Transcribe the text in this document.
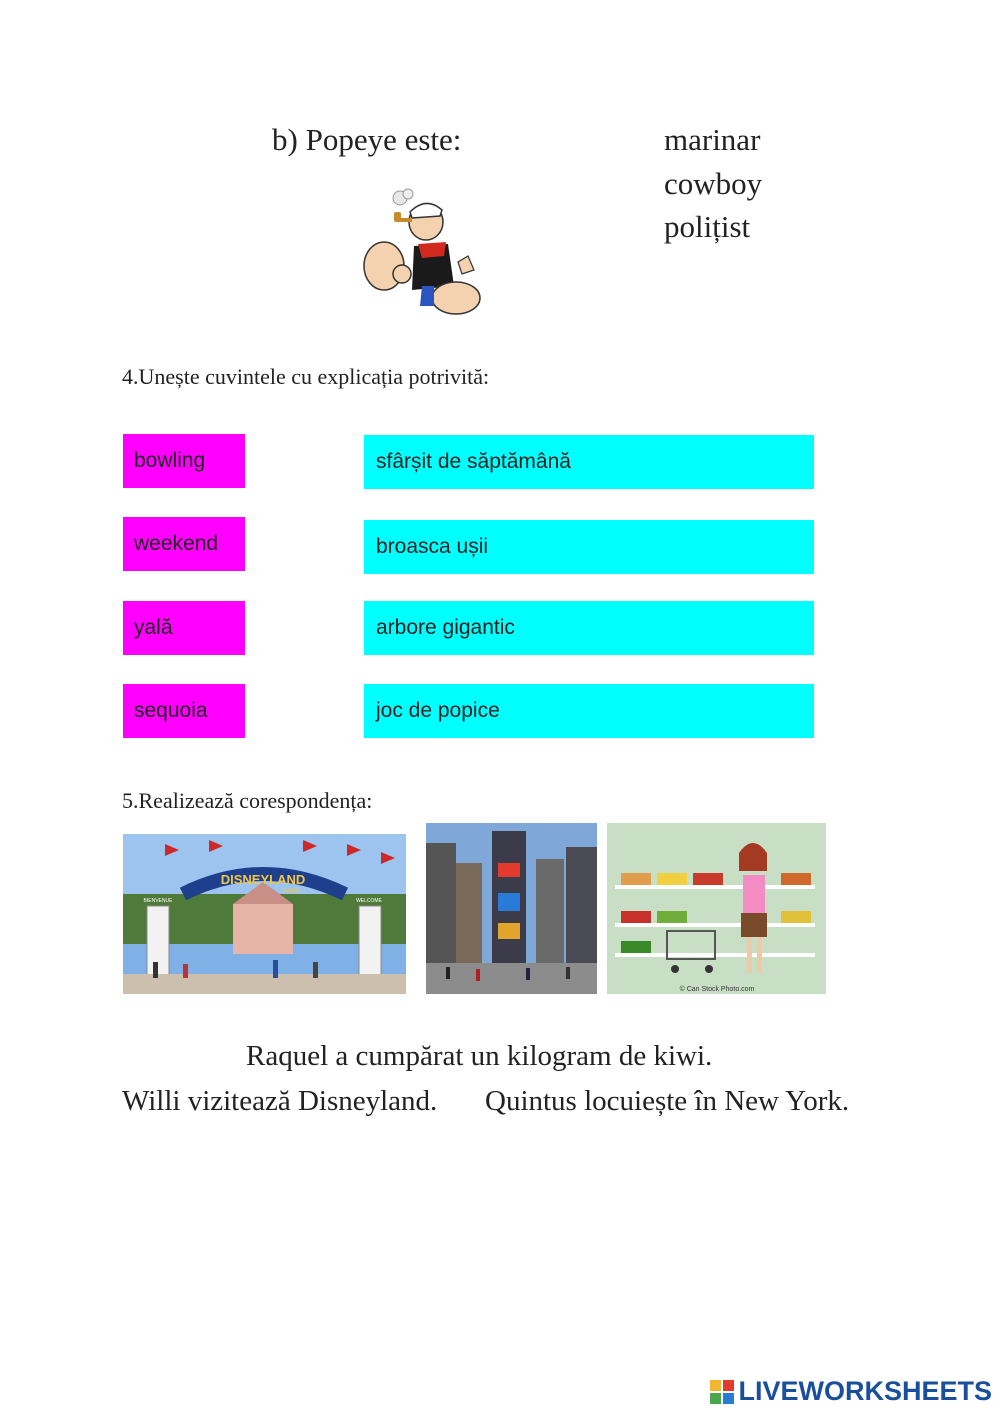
b) Popeye este:	marinar
cowboy
polițist
4.Unește cuvintele cu explicația potrivită:
bowling
weekend
yală
sequoia
sfârșit de săptămână
broasca ușii
arbore gigantic
joc de popice
5.Realizează corespondența:
DISNEYLAND
PARIS
BIENVENUE	WELCOME
© Can Stock Photo.com
Raquel a cumpărat un kilogram de kiwi.
Willi vizitează Disneyland. Quintus locuiește în New York.
LIVEWORKSHEETS
